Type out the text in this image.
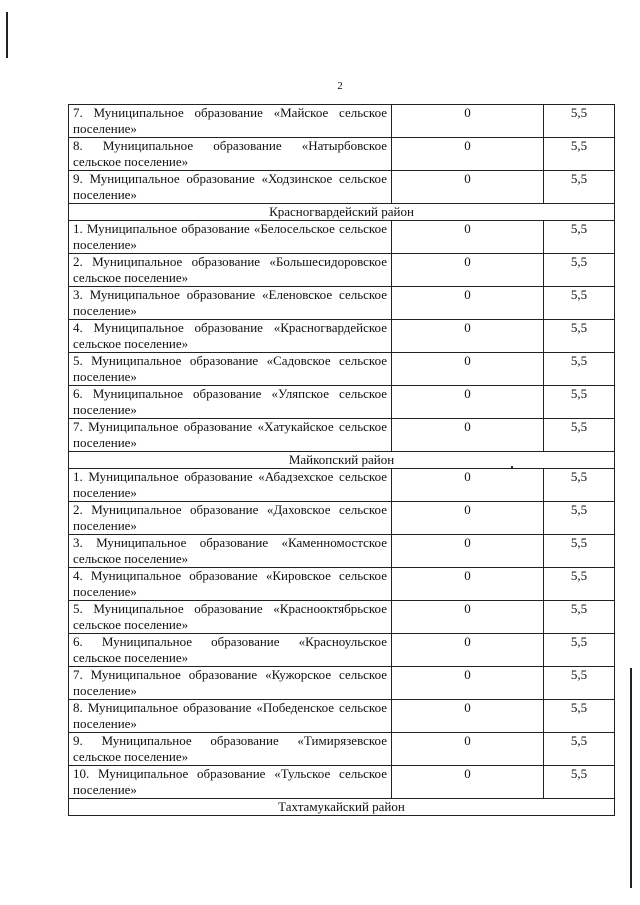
2
7. Муниципальное образование «Майское сельское поселение»	0	5,5
8. Муниципальное образование «Натырбовское сельское поселение»	0	5,5
9. Муниципальное образование «Ходзинское сельское поселение»	0	5,5
Красногвардейский район		
1. Муниципальное образование «Белосельское сельское поселение»	0	5,5
2. Муниципальное образование «Большесидоровское сельское поселение»	0	5,5
3. Муниципальное образование «Еленовское сельское поселение»	0	5,5
4. Муниципальное образование «Красногвардейское сельское поселение»	0	5,5
5. Муниципальное образование «Садовское сельское поселение»	0	5,5
6. Муниципальное образование «Уляпское сельское поселение»	0	5,5
7. Муниципальное образование «Хатукайское сельское поселение»	0	5,5
Майкопский район		
1. Муниципальное образование «Абадзехское сельское поселение»	0	5,5
2. Муниципальное образование «Даховское сельское поселение»	0	5,5
3. Муниципальное образование «Каменномостское сельское поселение»	0	5,5
4. Муниципальное образование «Кировское сельское поселение»	0	5,5
5. Муниципальное образование «Краснооктябрьское сельское поселение»	0	5,5
6. Муниципальное образование «Красноульское сельское поселение»	0	5,5
7. Муниципальное образование «Кужорское сельское поселение»	0	5,5
8. Муниципальное образование «Победенское сельское поселение»	0	5,5
9. Муниципальное образование «Тимирязевское сельское поселение»	0	5,5
10. Муниципальное образование «Тульское сельское поселение»	0	5,5
Тахтамукайский район		
